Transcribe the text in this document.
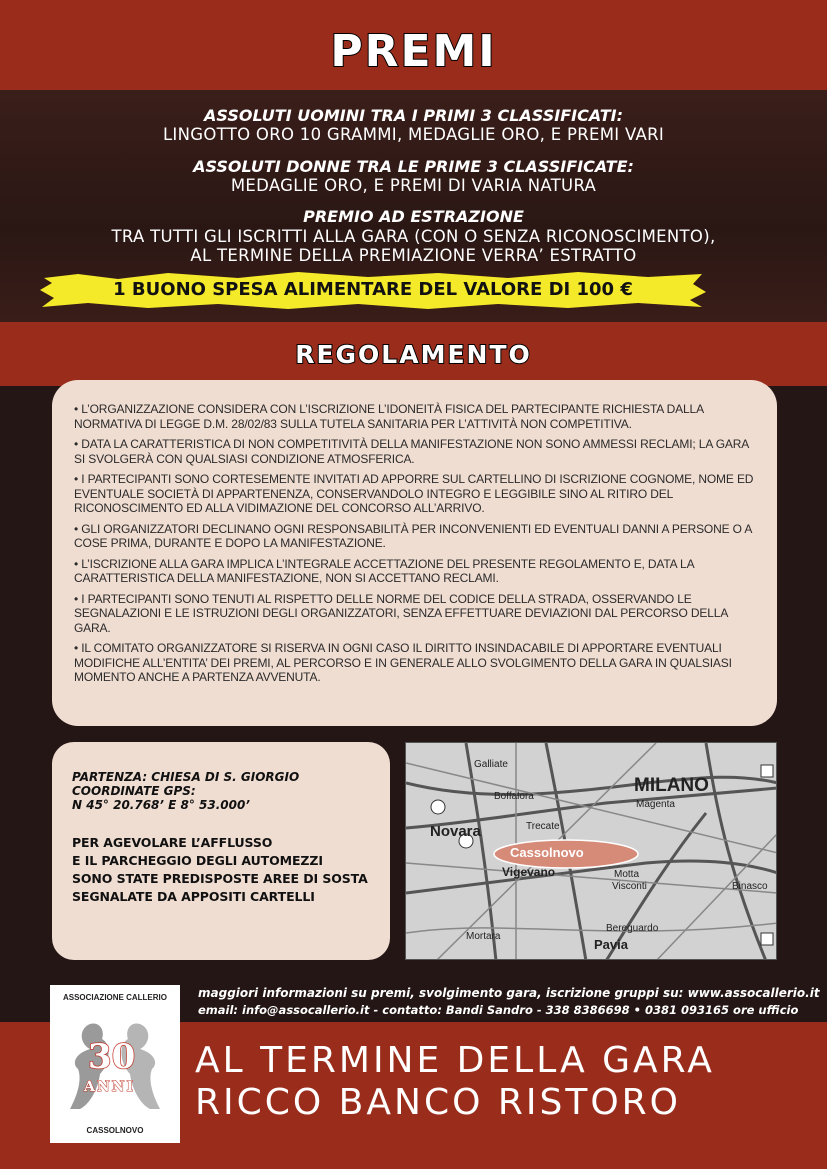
PREMI
ASSOLUTI UOMINI TRA I PRIMI 3 CLASSIFICATI:
LINGOTTO ORO 10 GRAMMI, MEDAGLIE ORO, E PREMI VARI
ASSOLUTI DONNE TRA LE PRIME 3 CLASSIFICATE:
MEDAGLIE ORO, E PREMI DI VARIA NATURA
PREMIO AD ESTRAZIONE
TRA TUTTI GLI ISCRITTI ALLA GARA (CON O SENZA RICONOSCIMENTO),
AL TERMINE DELLA PREMIAZIONE VERRA’ ESTRATTO
1 BUONO SPESA ALIMENTARE DEL VALORE DI 100 €
REGOLAMENTO

• L’ORGANIZZAZIONE CONSIDERA CON L’ISCRIZIONE L’IDONEITÀ FISICA DEL PARTECIPANTE RICHIESTA DALLA NORMATIVA DI LEGGE D.M. 28/02/83 SULLA TUTELA SANITARIA PER L’ATTIVITÀ NON COMPETITIVA.

• DATA LA CARATTERISTICA DI NON COMPETITIVITÀ DELLA MANIFESTAZIONE NON SONO AMMESSI RECLAMI; LA GARA SI SVOLGERÀ CON QUALSIASI CONDIZIONE ATMOSFERICA.

• I PARTECIPANTI SONO CORTESEMENTE INVITATI AD APPORRE SUL CARTELLINO DI ISCRIZIONE COGNOME, NOME ED EVENTUALE SOCIETÀ DI APPARTENENZA, CONSERVANDOLO INTEGRO E LEGGIBILE SINO AL RITIRO DEL RICONOSCIMENTO ED ALLA VIDIMAZIONE DEL CONCORSO ALL’ARRIVO.

• GLI ORGANIZZATORI DECLINANO OGNI RESPONSABILITÀ PER INCONVENIENTI ED EVENTUALI DANNI A PERSONE O A COSE PRIMA, DURANTE E DOPO LA MANIFESTAZIONE.

• L’ISCRIZIONE ALLA GARA IMPLICA L’INTEGRALE ACCETTAZIONE DEL PRESENTE REGOLAMENTO E, DATA LA CARATTERISTICA DELLA MANIFESTAZIONE, NON SI ACCETTANO RECLAMI.

• I PARTECIPANTI SONO TENUTI AL RISPETTO DELLE NORME DEL CODICE DELLA STRADA, OSSERVANDO LE SEGNALAZIONI E LE ISTRUZIONI DEGLI ORGANIZZATORI, SENZA EFFETTUARE DEVIAZIONI DAL PERCORSO DELLA GARA.

• IL COMITATO ORGANIZZATORE SI RISERVA IN OGNI CASO IL DIRITTO INSINDACABILE DI APPORTARE EVENTUALI MODIFICHE ALL’ENTITA’ DEI PREMI, AL PERCORSO E IN GENERALE ALLO SVOLGIMENTO DELLA GARA IN QUALSIASI MOMENTO ANCHE A PARTENZA AVVENUTA.

PARTENZA: CHIESA DI S. GIORGIO
COORDINATE GPS:
N 45° 20.768’ E 8° 53.000’
PER AGEVOLARE L’AFFLUSSO
E IL PARCHEGGIO DEGLI AUTOMEZZI
SONO STATE PREDISPOSTE AREE DI SOSTA
SEGNALATE DA APPOSITI CARTELLI
Galliate
MILANO
Boffalora
Magenta
Novara	Trecate
Cassolnovo
Vigevano	Motta
Visconti	Binasco
Bereguardo
Mortara
Pavia
ASSOCIAZIONE CALLERIO
30
ANNI
CASSOLNOVO
maggiori informazioni su premi, svolgimento gara, iscrizione gruppi su: www.assocallerio.it
email: info@assocallerio.it - contatto: Bandi Sandro - 338 8386698 • 0381 093165 ore ufficio
AL TERMINE DELLA GARA
RICCO BANCO RISTORO
